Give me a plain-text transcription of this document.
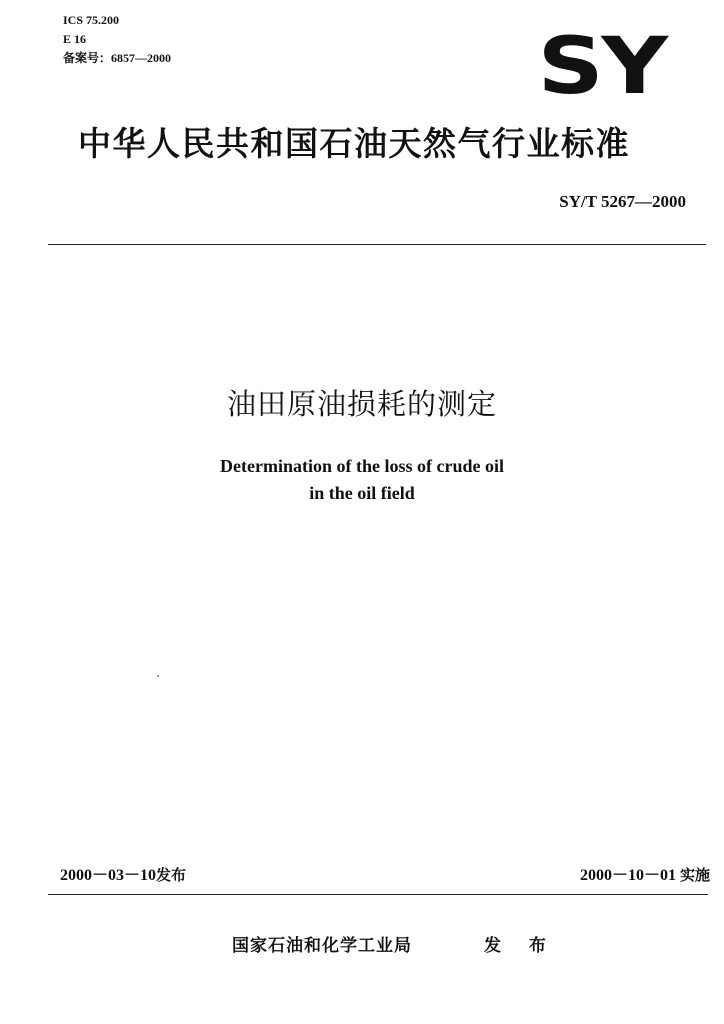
ICS 75.200
E 16
备案号：6857—2000	SY
中华人民共和国石油天然气行业标准
SY/T 5267—2000
油田原油损耗的测定
Determination of the loss of crude oil
in the oil field
2000－03－10发布	2000－10－01 实施
国家石油和化学工业局	发 布
